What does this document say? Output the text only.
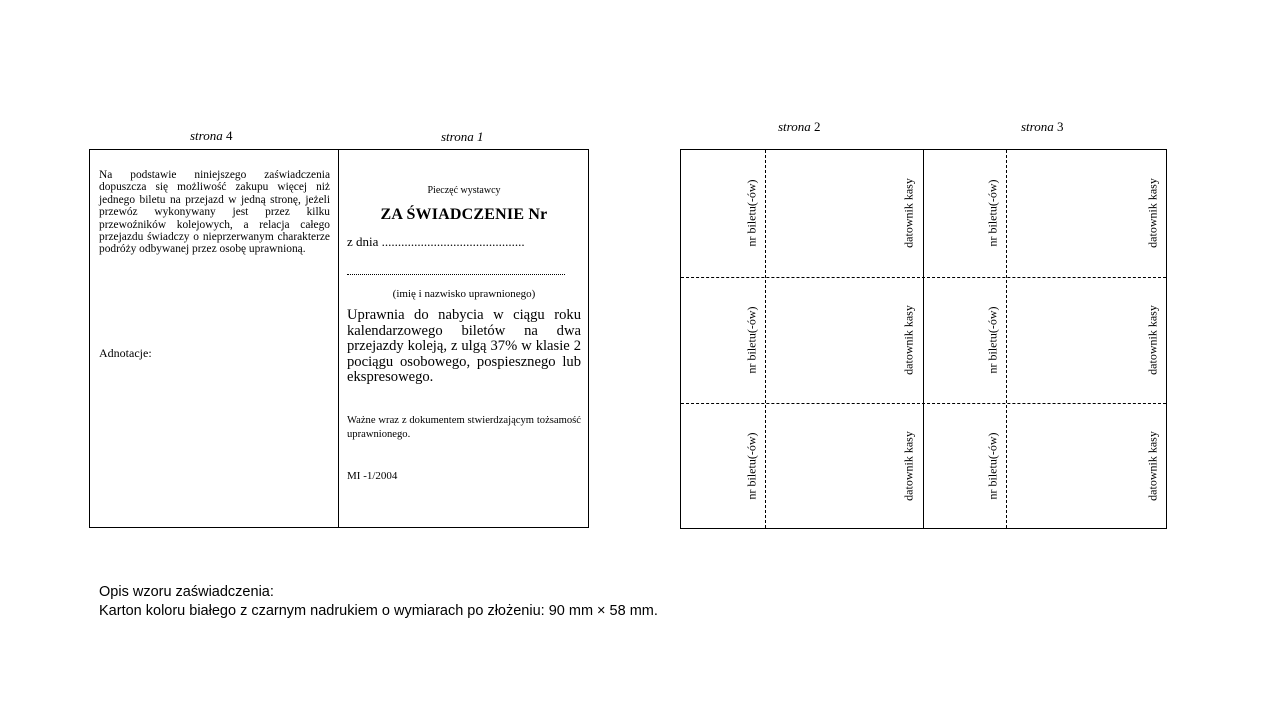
strona 4	strona 1
strona 2	strona 3
Na podstawie niniejszego zaświadczenia dopuszcza się możliwość zakupu więcej niż jednego biletu na przejazd w jedną stronę, jeżeli przewóz wykonywany jest przez kilku przewoźników kolejowych, a relacja całego przejazdu świadczy o nieprzerwanym charakterze podróży odbywanej przez osobę uprawnioną.
Adnotacje:
Pieczęć wystawcy
ZA ŚWIADCZENIE Nr
z dnia ............................................
(imię i nazwisko uprawnionego)
Uprawnia do nabycia w ciągu roku kalendarzowego biletów na dwa przejazdy koleją, z ulgą 37% w klasie 2 pociągu osobowego, pospiesznego lub ekspresowego.
Ważne wraz z dokumentem stwierdzającym tożsamość uprawnionego.
MI -1/2004
nr biletu(-ów)	datownik kasy	nr biletu(-ów)	datownik kasy
nr biletu(-ów)	datownik kasy	nr biletu(-ów)	datownik kasy
nr biletu(-ów)	datownik kasy	nr biletu(-ów)	datownik kasy
Opis wzoru zaświadczenia:
Karton koloru białego z czarnym nadrukiem o wymiarach po złożeniu: 90 mm × 58 mm.
